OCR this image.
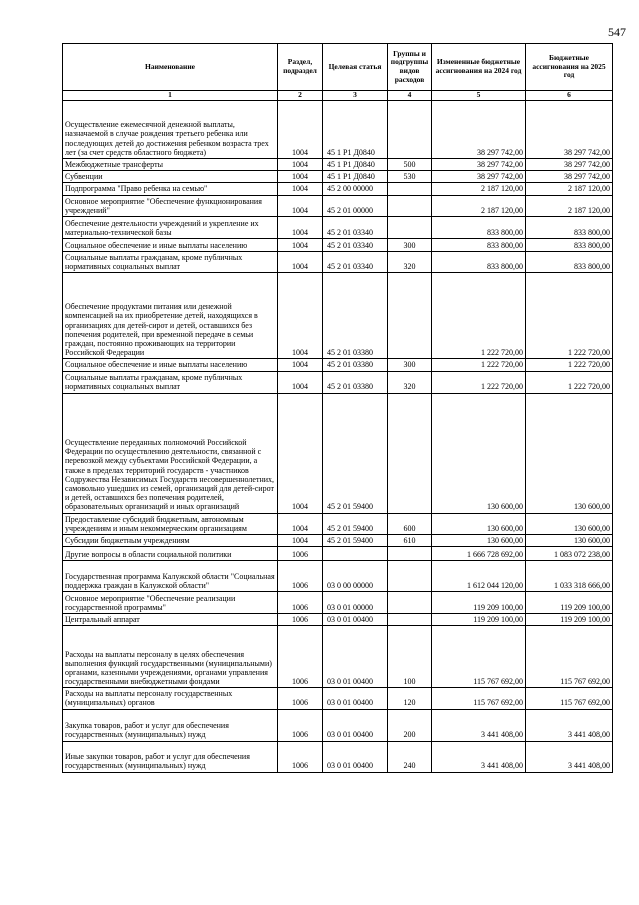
547
Наименование	Раздел, подраздел	Целевая статья	Группы и подгруппы видов расходов	Измененные бюджетные ассигнования на 2024 год	Бюджетные ассигнования на 2025 год
1	2	3	4	5	6
Осуществление ежемесячной денежной выплаты, назначаемой в случае рождения третьего ребенка или последующих детей до достижения ребенком возраста трех лет (за счет средств областного бюджета)	1004	45 1 Р1 Д0840		38 297 742,00	38 297 742,00
Межбюджетные трансферты	1004	45 1 Р1 Д0840	500	38 297 742,00	38 297 742,00
Субвенции	1004	45 1 Р1 Д0840	530	38 297 742,00	38 297 742,00
Подпрограмма "Право ребенка на семью"	1004	45 2 00 00000		2 187 120,00	2 187 120,00
Основное мероприятие "Обеспечение функционирования учреждений"	1004	45 2 01 00000		2 187 120,00	2 187 120,00
Обеспечение деятельности учреждений и укрепление их материально-технической базы	1004	45 2 01 03340		833 800,00	833 800,00
Социальное обеспечение и иные выплаты населению	1004	45 2 01 03340	300	833 800,00	833 800,00
Социальные выплаты гражданам, кроме публичных нормативных социальных выплат	1004	45 2 01 03340	320	833 800,00	833 800,00
Обеспечение продуктами питания или денежной компенсацией на их приобретение детей, находящихся в организациях для детей-сирот и детей, оставшихся без попечения родителей, при временной передаче в семьи граждан, постоянно проживающих на территории Российской Федерации	1004	45 2 01 03380		1 222 720,00	1 222 720,00
Социальное обеспечение и иные выплаты населению	1004	45 2 01 03380	300	1 222 720,00	1 222 720,00
Социальные выплаты гражданам, кроме публичных нормативных социальных выплат	1004	45 2 01 03380	320	1 222 720,00	1 222 720,00
Осуществление переданных полномочий Российской Федерации по осуществлению деятельности, связанной с перевозкой между субъектами Российской Федерации, а также в пределах территорий государств - участников Содружества Независимых Государств несовершеннолетних, самовольно ушедших из семей, организаций для детей-сирот и детей, оставшихся без попечения родителей, образовательных организаций и иных организаций	1004	45 2 01 59400		130 600,00	130 600,00
Предоставление субсидий бюджетным, автономным учреждениям и иным некоммерческим организациям	1004	45 2 01 59400	600	130 600,00	130 600,00
Субсидии бюджетным учреждениям	1004	45 2 01 59400	610	130 600,00	130 600,00
Другие вопросы в области социальной политики	1006			1 666 728 692,00	1 083 072 238,00
Государственная программа Калужской области "Социальная поддержка граждан в Калужской области"	1006	03 0 00 00000		1 612 044 120,00	1 033 318 666,00
Основное мероприятие "Обеспечение реализации государственной программы"	1006	03 0 01 00000		119 209 100,00	119 209 100,00
Центральный аппарат	1006	03 0 01 00400		119 209 100,00	119 209 100,00
Расходы на выплаты персоналу в целях обеспечения выполнения функций государственными (муниципальными) органами, казенными учреждениями, органами управления государственными внебюджетными фондами	1006	03 0 01 00400	100	115 767 692,00	115 767 692,00
Расходы на выплаты персоналу государственных (муниципальных) органов	1006	03 0 01 00400	120	115 767 692,00	115 767 692,00
Закупка товаров, работ и услуг для обеспечения государственных (муниципальных) нужд	1006	03 0 01 00400	200	3 441 408,00	3 441 408,00
Иные закупки товаров, работ и услуг для обеспечения государственных (муниципальных) нужд	1006	03 0 01 00400	240	3 441 408,00	3 441 408,00
